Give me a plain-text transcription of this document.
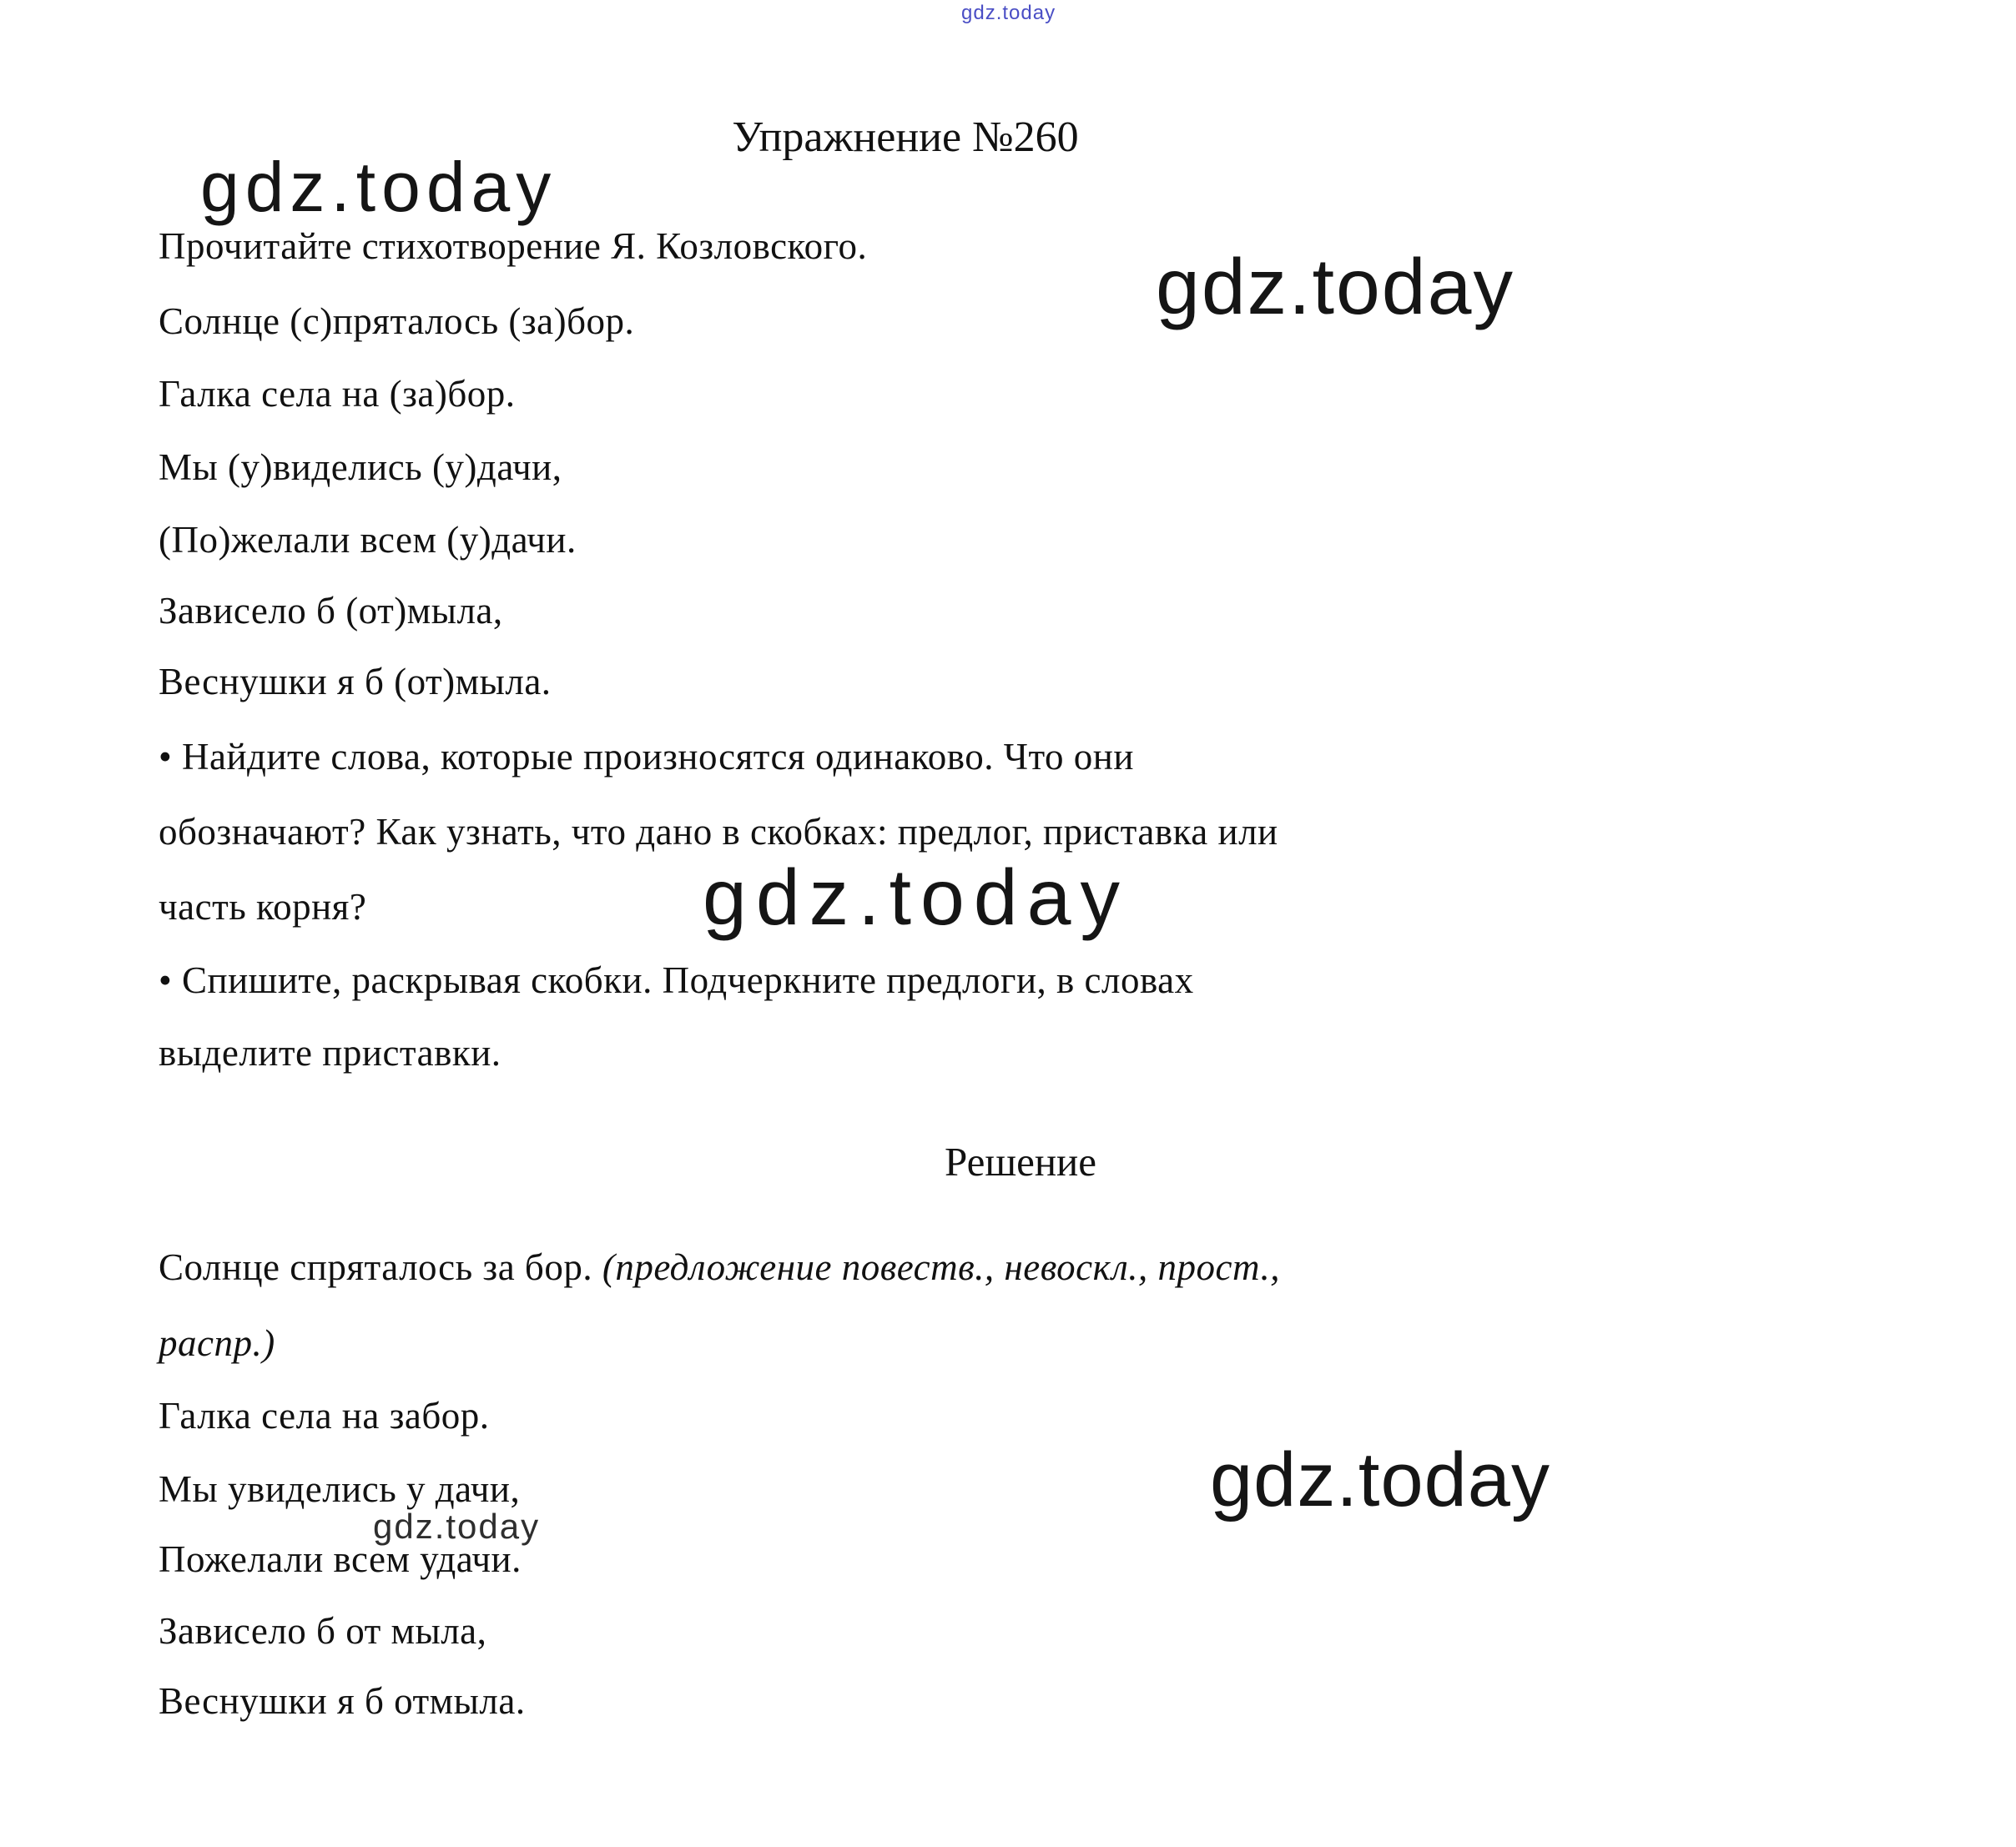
gdz.today
gdz.today
gdz.today
gdz.today
gdz.today
gdz.today
Упражнение №260
Прочитайте стихотворение Я. Козловского.
Солнце (с)пряталось (за)бор.
Галка села на (за)бор.
Мы (у)виделись (у)дачи,
(По)желали всем (у)дачи.
Зависело б (от)мыла,
Веснушки я б (от)мыла.
• Найдите слова, которые произносятся одинаково. Что они
обозначают? Как узнать, что дано в скобках: предлог, приставка или
часть корня?
• Спишите, раскрывая скобки. Подчеркните предлоги, в словах
выделите приставки.
Решение
Солнце спряталось за бор. (предложение повеств., невоскл., прост.,
распр.)
Галка села на забор.
Мы увиделись у дачи,
Пожелали всем удачи.
Зависело б от мыла,
Веснушки я б отмыла.
